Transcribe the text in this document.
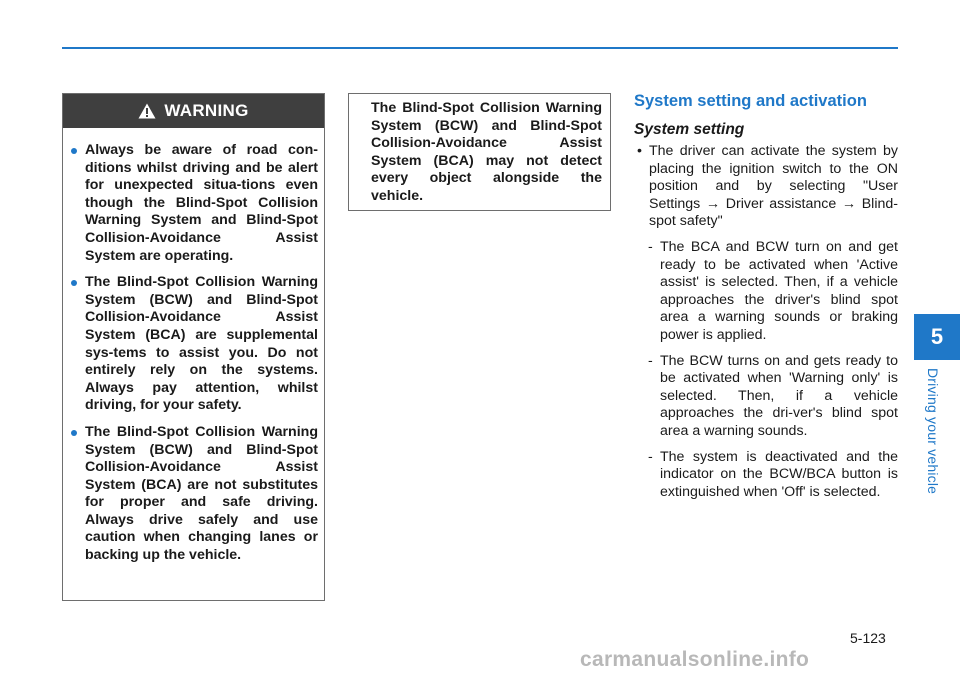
WARNING
Always be aware of road con-ditions whilst driving and be alert for unexpected situa-tions even though the Blind-Spot Collision Warning System and Blind-Spot Collision-Avoidance Assist System are operating.
The Blind-Spot Collision Warning System (BCW) and Blind-Spot Collision-Avoidance Assist System (BCA) are supplemental sys-tems to assist you. Do not entirely rely on the systems. Always pay attention, whilst driving, for your safety.
The Blind-Spot Collision Warning System (BCW) and Blind-Spot Collision-Avoidance Assist System (BCA) are not substitutes for proper and safe driving. Always drive safely and use caution when changing lanes or backing up the vehicle.
The Blind-Spot Collision Warning System (BCW) and Blind-Spot Collision-Avoidance Assist System (BCA) may not detect every object alongside the vehicle.
System setting and activation
System setting
• The driver can activate the system by placing the ignition switch to the ON position and by selecting "User Settings → Driver assistance → Blind-spot safety"
- The BCA and BCW turn on and get ready to be activated when 'Active assist' is selected. Then, if a vehicle approaches the driver's blind spot area a warning sounds or braking power is applied.
- The BCW turns on and gets ready to be activated when 'Warning only' is selected. Then, if a vehicle approaches the dri-ver's blind spot area a warning sounds.
- The system is deactivated and the indicator on the BCW/BCA button is extinguished when 'Off' is selected.
5
Driving your vehicle
5-123
carmanualsonline.info
